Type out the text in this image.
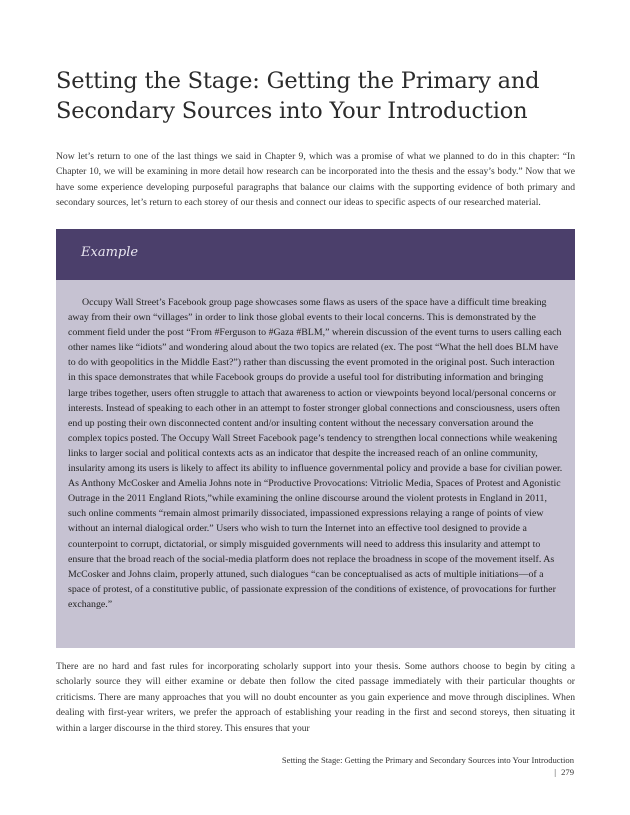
Setting the Stage: Getting the Primary and Secondary Sources into Your Introduction

Now let’s return to one of the last things we said in Chapter 9, which was a promise of what we planned to do in this chapter: “In Chapter 10, we will be examining in more detail how research can be incorporated into the thesis and the essay’s body.” Now that we have some experience developing purposeful paragraphs that balance our claims with the supporting evidence of both primary and secondary sources, let’s return to each storey of our thesis and connect our ideas to specific aspects of our researched material.

Example

Occupy Wall Street’s Facebook group page showcases some flaws as users of the space have a difficult time breaking away from their own “villages” in order to link those global events to their local concerns. This is demonstrated by the comment field under the post “From #Ferguson to #Gaza #BLM,” wherein discussion of the event turns to users calling each other names like “idiots” and wondering aloud about the two topics are related (ex. The post “What the hell does BLM have to do with geopolitics in the Middle East?”) rather than discussing the event promoted in the original post. Such interaction in this space demonstrates that while Facebook groups do provide a useful tool for distributing information and bringing large tribes together, users often struggle to attach that awareness to action or viewpoints beyond local/personal concerns or interests. Instead of speaking to each other in an attempt to foster stronger global connections and consciousness, users often end up posting their own disconnected content and/or insulting content without the necessary conversation around the complex topics posted. The Occupy Wall Street Facebook page’s tendency to strengthen local connections while weakening links to larger social and political contexts acts as an indicator that despite the increased reach of an online community, insularity among its users is likely to affect its ability to influence governmental policy and provide a base for civilian power. As Anthony McCosker and Amelia Johns note in “Productive Provocations: Vitriolic Media, Spaces of Protest and Agonistic Outrage in the 2011 England Riots,”while examining the online discourse around the violent protests in England in 2011, such online comments “remain almost primarily dissociated, impassioned expressions relaying a range of points of view without an internal dialogical order.” Users who wish to turn the Internet into an effective tool designed to provide a counterpoint to corrupt, dictatorial, or simply misguided governments will need to address this insularity and attempt to ensure that the broad reach of the social-media platform does not replace the broadness in scope of the movement itself. As McCosker and Johns claim, properly attuned, such dialogues “can be conceptualised as acts of multiple initiations—of a space of protest, of a constitutive public, of passionate expression of the conditions of existence, of provocations for further exchange.”

There are no hard and fast rules for incorporating scholarly support into your thesis. Some authors choose to begin by citing a scholarly source they will either examine or debate then follow the cited passage immediately with their particular thoughts or criticisms. There are many approaches that you will no doubt encounter as you gain experience and move through disciplines. When dealing with first-year writers, we prefer the approach of establishing your reading in the first and second storeys, then situating it within a larger discourse in the third storey. This ensures that your

Setting the Stage: Getting the Primary and Secondary Sources into Your Introduction | 279
